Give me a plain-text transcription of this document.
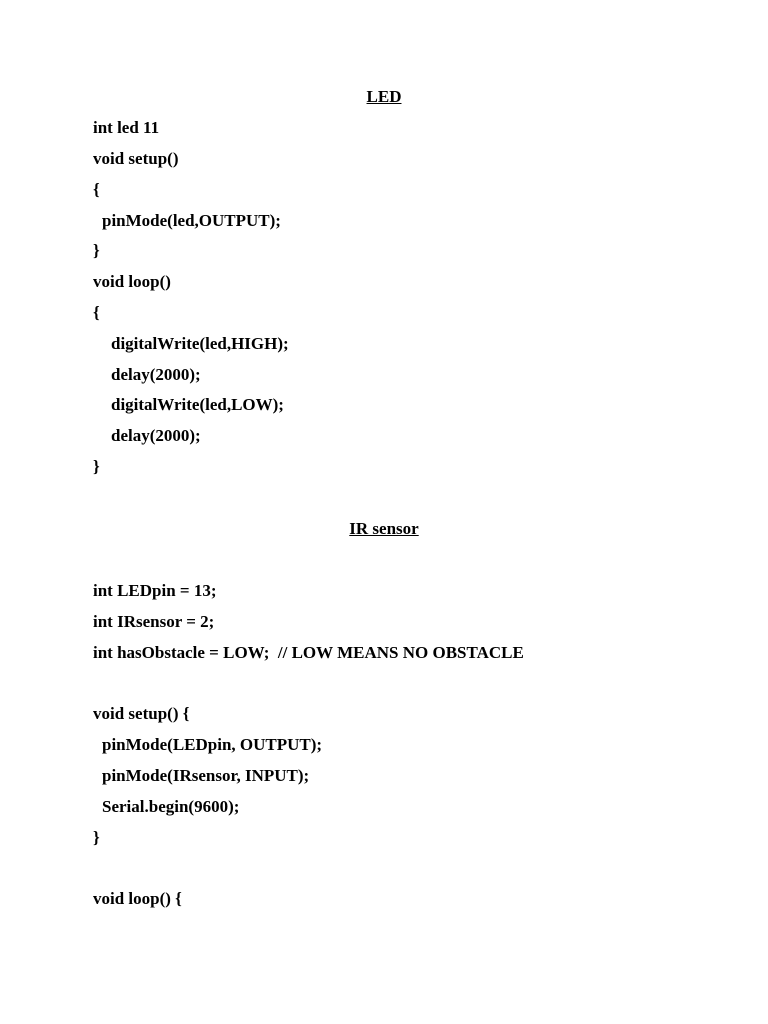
LED
int led 11
void setup()
{
pinMode(led,OUTPUT);
}
void loop()
{
digitalWrite(led,HIGH);
delay(2000);
digitalWrite(led,LOW);
delay(2000);
}
IR sensor
int LEDpin = 13;
int IRsensor = 2;
int hasObstacle = LOW;  // LOW MEANS NO OBSTACLE
void setup() {
pinMode(LEDpin, OUTPUT);
pinMode(IRsensor, INPUT);
Serial.begin(9600);
}
void loop() {
